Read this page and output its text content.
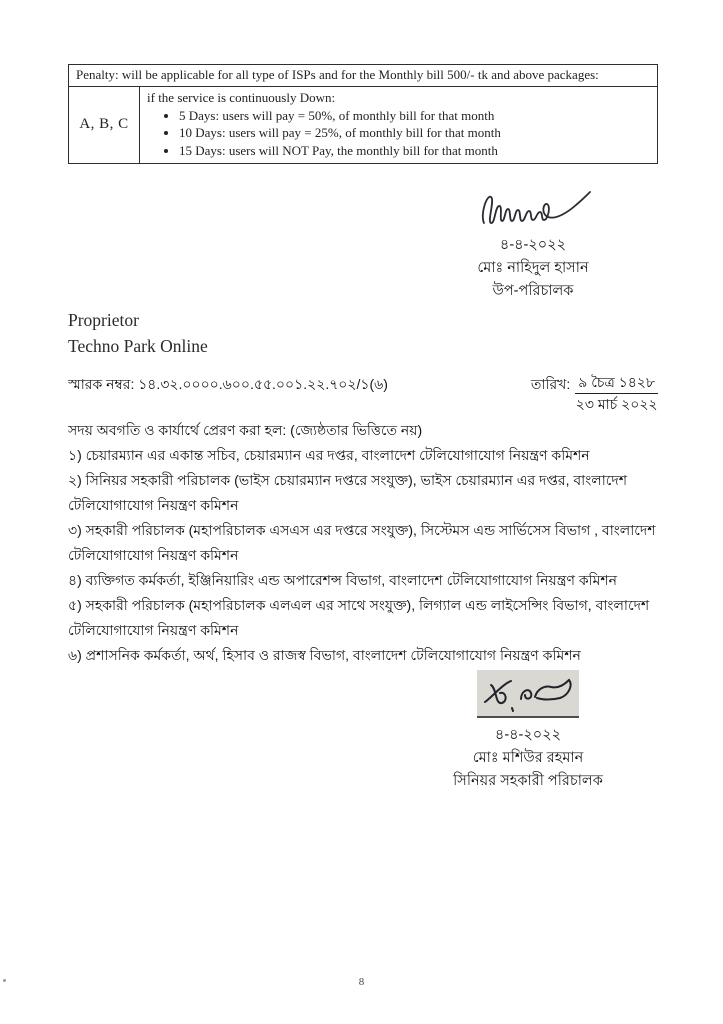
Penalty: will be applicable for all type of ISPs and for the Monthly bill 500/- tk and above packages:
A, B, C	
if the service is continuously Down:
• 5 Days: users will pay = 50%, of monthly bill for that month
• 10 Days: users will pay = 25%, of monthly bill for that month
• 15 Days: users will NOT Pay, the monthly bill for that month
৪-৪-২০২২
মোঃ নাহিদুল হাসান
উপ-পরিচালক
Proprietor
Techno Park Online
স্মারক নম্বর: ১৪.৩২.০০০০.৬০০.৫৫.০০১.২২.৭০২/১(৬)	তারিখ: ৯ চৈত্র ১৪২৮
২৩ মার্চ ২০২২
সদয় অবগতি ও কার্যার্থে প্রেরণ করা হল: (জ্যেষ্ঠতার ভিত্তিতে নয়)
১) চেয়ারম্যান এর একান্ত সচিব, চেয়ারম্যান এর দপ্তর, বাংলাদেশ টেলিযোগাযোগ নিয়ন্ত্রণ কমিশন
২) সিনিয়র সহকারী পরিচালক (ভাইস চেয়ারম্যান দপ্তরে সংযুক্ত), ভাইস চেয়ারম্যান এর দপ্তর, বাংলাদেশ টেলিযোগাযোগ নিয়ন্ত্রণ কমিশন
৩) সহকারী পরিচালক (মহাপরিচালক এসএস এর দপ্তরে সংযুক্ত), সিস্টেমস এন্ড সার্ভিসেস বিভাগ , বাংলাদেশ টেলিযোগাযোগ নিয়ন্ত্রণ কমিশন
৪) ব্যক্তিগত কর্মকর্তা, ইঞ্জিনিয়ারিং এন্ড অপারেশন্স বিভাগ, বাংলাদেশ টেলিযোগাযোগ নিয়ন্ত্রণ কমিশন
৫) সহকারী পরিচালক (মহাপরিচালক এলএল এর সাথে সংযুক্ত), লিগ্যাল এন্ড লাইসেন্সিং বিভাগ, বাংলাদেশ টেলিযোগাযোগ নিয়ন্ত্রণ কমিশন
৬) প্রশাসনিক কর্মকর্তা, অর্থ, হিসাব ও রাজস্ব বিভাগ, বাংলাদেশ টেলিযোগাযোগ নিয়ন্ত্রণ কমিশন
৪-৪-২০২২
মোঃ মশিউর রহমান
সিনিয়র সহকারী পরিচালক
8
